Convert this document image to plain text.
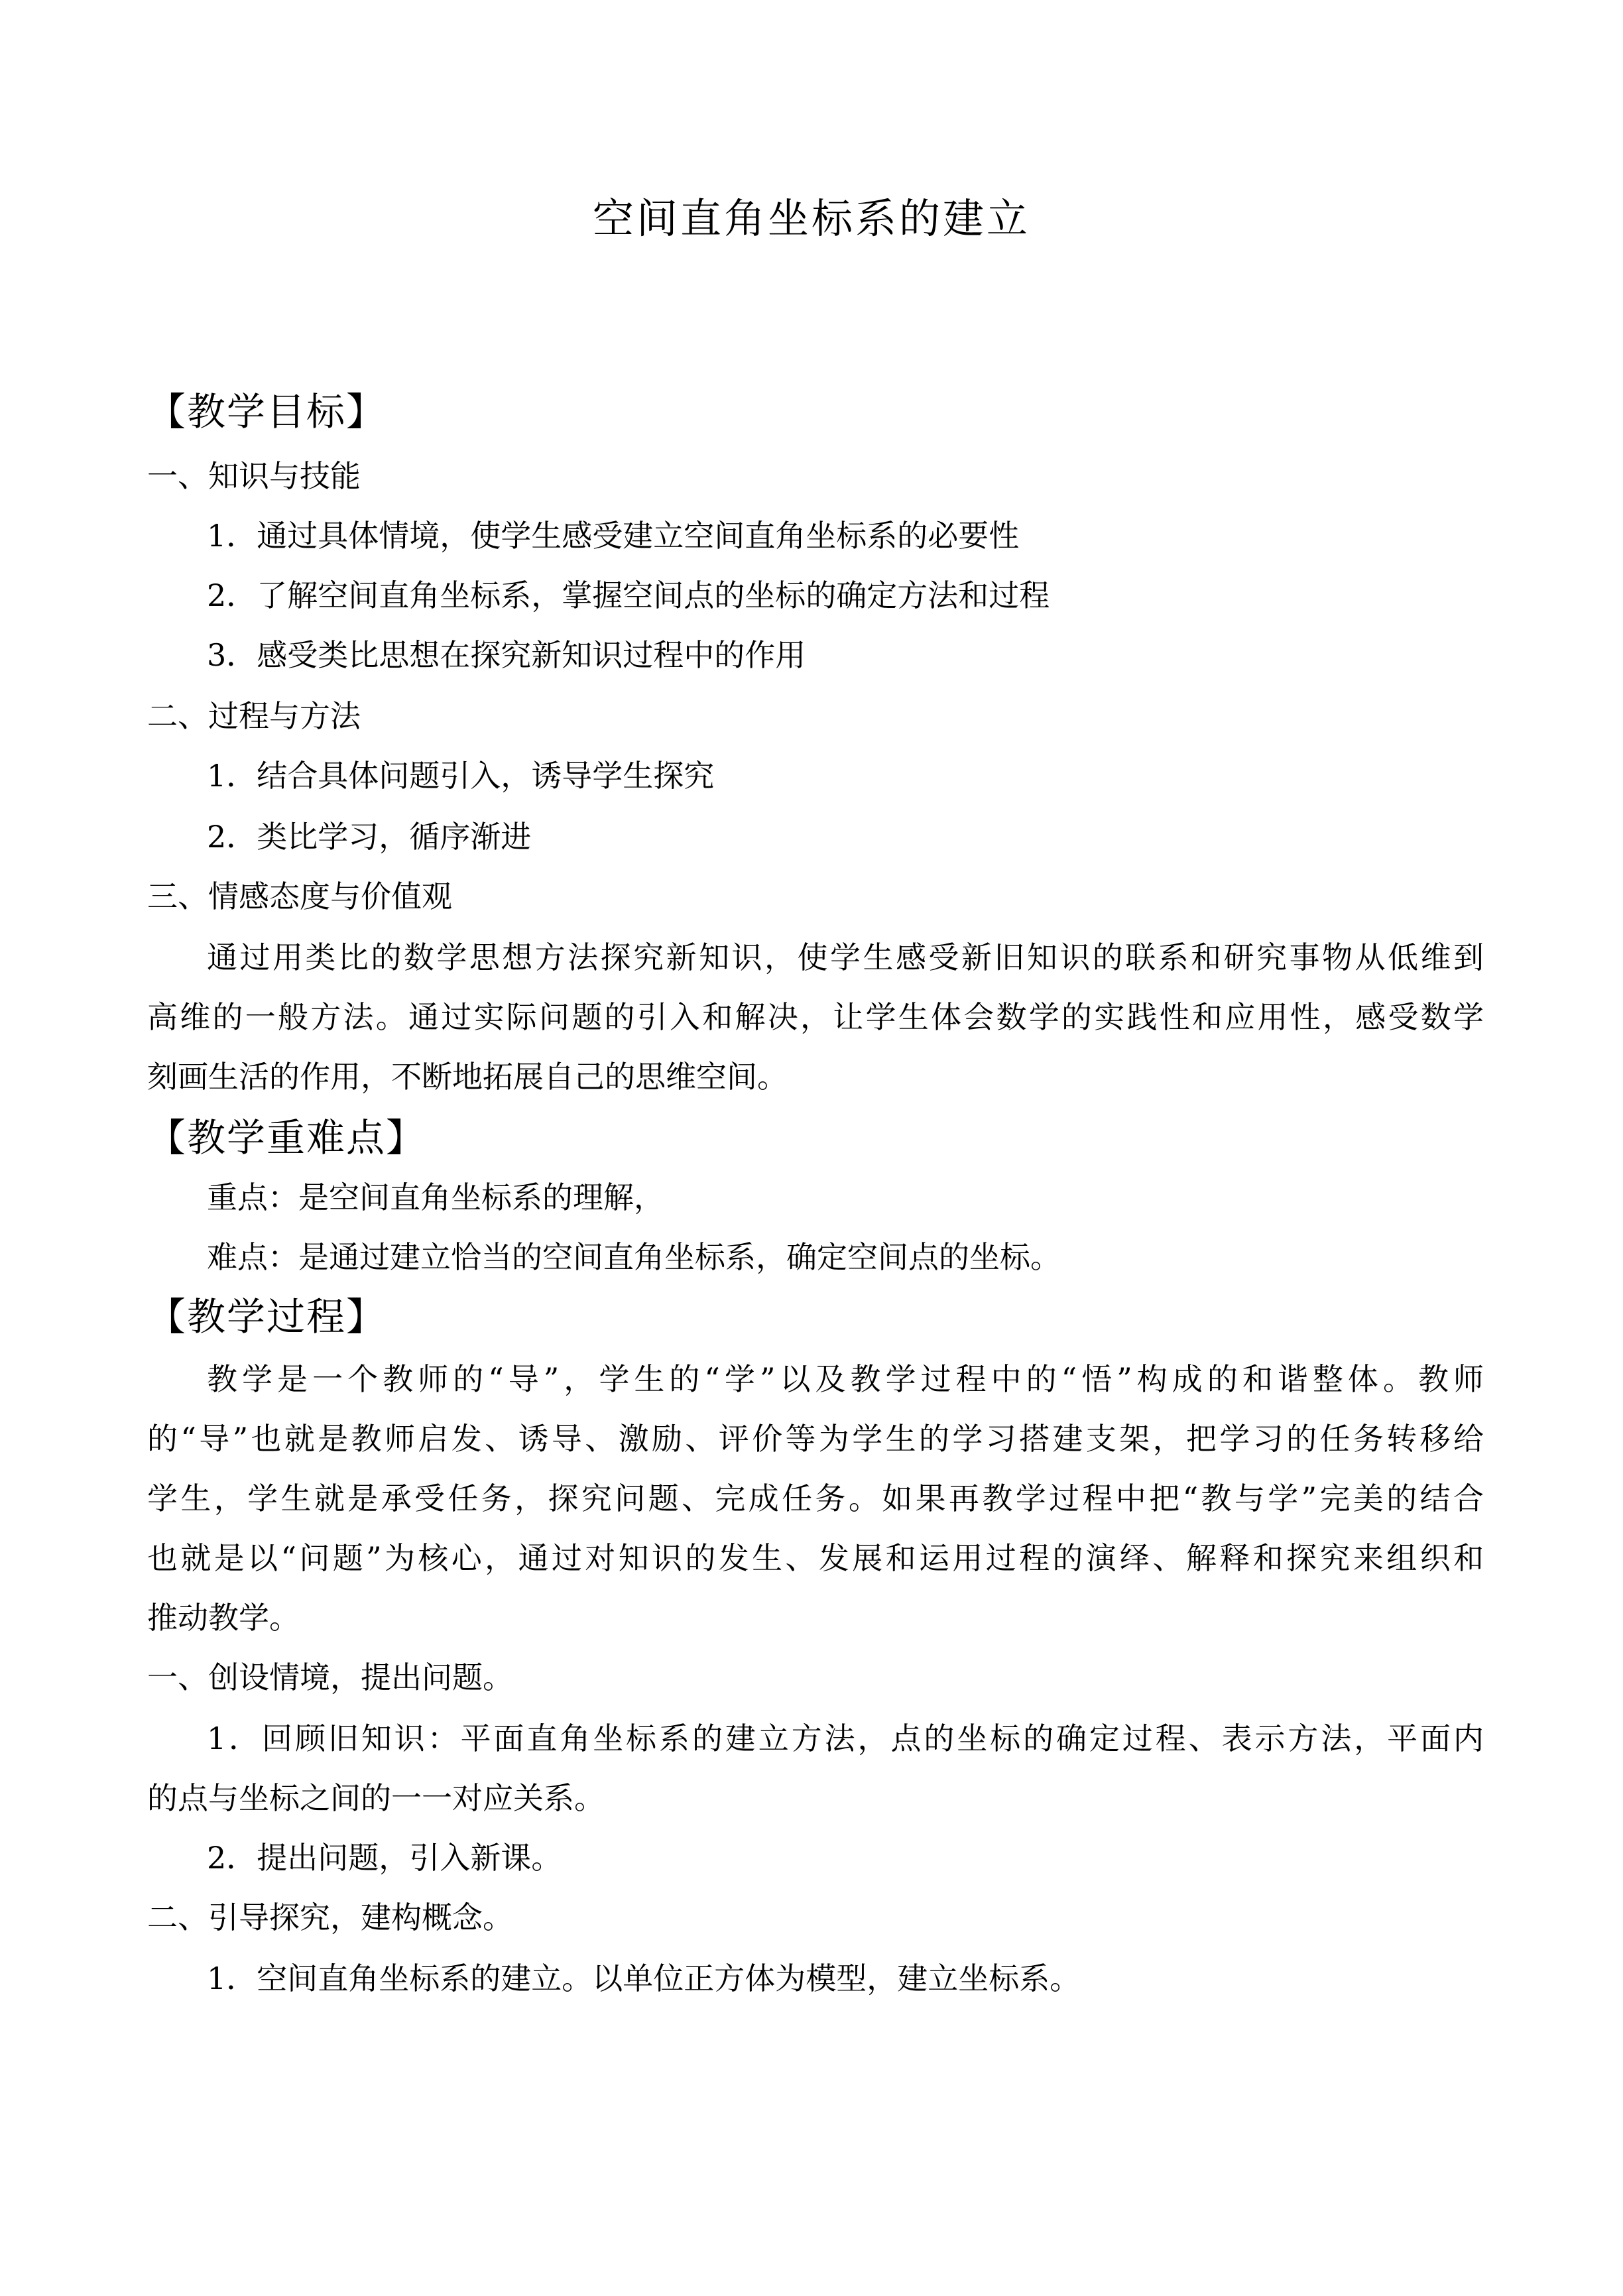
空间直角坐标系的建立
【教学目标】
一、知识与技能
1．通过具体情境，使学生感受建立空间直角坐标系的必要性
2．了解空间直角坐标系，掌握空间点的坐标的确定方法和过程
3．感受类比思想在探究新知识过程中的作用
二、过程与方法
1．结合具体问题引入，诱导学生探究
2．类比学习，循序渐进
三、情感态度与价值观
通过用类比的数学思想方法探究新知识，使学生感受新旧知识的联系和研究事物从低维到
高维的一般方法。通过实际问题的引入和解决，让学生体会数学的实践性和应用性，感受数学
刻画生活的作用，不断地拓展自己的思维空间。
【教学重难点】
重点：是空间直角坐标系的理解，
难点：是通过建立恰当的空间直角坐标系，确定空间点的坐标。
【教学过程】
教学是一个教师的“导”，学生的“学”以及教学过程中的“悟”构成的和谐整体。教师
的“导”也就是教师启发、诱导、激励、评价等为学生的学习搭建支架，把学习的任务转移给
学生，学生就是承受任务，探究问题、完成任务。如果再教学过程中把“教与学”完美的结合
也就是以“问题”为核心，通过对知识的发生、发展和运用过程的演绎、解释和探究来组织和
推动教学。
一、创设情境，提出问题。
1．回顾旧知识：平面直角坐标系的建立方法，点的坐标的确定过程、表示方法，平面内
的点与坐标之间的一一对应关系。
2．提出问题，引入新课。
二、引导探究，建构概念。
1．空间直角坐标系的建立。以单位正方体为模型，建立坐标系。
